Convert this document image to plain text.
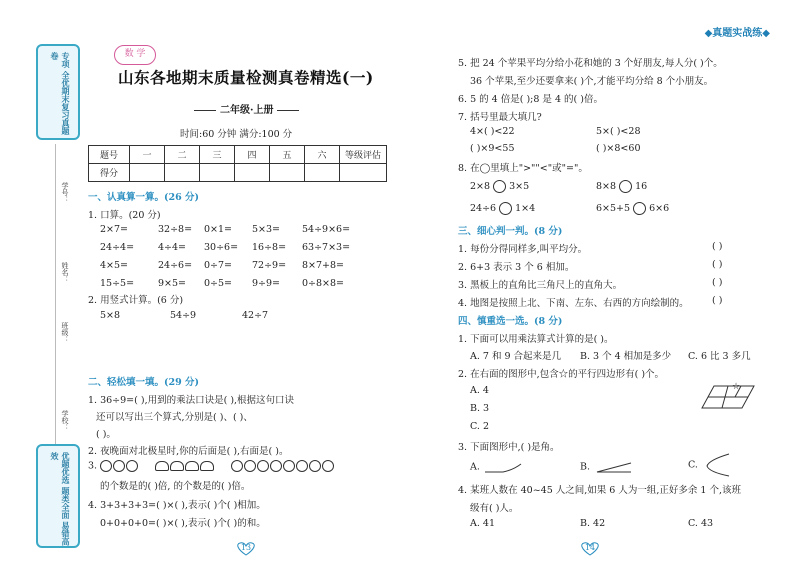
专项 全优期末复习真题卷
学号：
姓名：
班级：
学校：
优题优选 题类全面 易错高效
◆真题实战练◆
数 学
山东各地期末质量检测真卷精选(一)
二年级·上册
时间:60 分钟 满分:100 分
题号	一	二	三	四	五	六	等级评估
得分							
一、认真算一算。(26 分)
1. 口算。(20 分)
2×7=	32÷8= 0×1= 5×3= 54÷9×6=
24÷4=	4÷4= 30÷6= 16÷8= 63÷7×3=
4×5=	24÷6= 0÷7= 72÷9= 8×7+8=
15÷5=	9×5= 0÷5= 9÷9= 0÷8×8=
2. 用竖式计算。(6 分)
5×8	54÷9	42÷7
二、轻松填一填。(29 分)
1. 36÷9=( ),用到的乘法口诀是( ),根据这句口诀
还可以写出三个算式,分别是( )、( )、
( )。
2. 夜晚面对北极星时,你的后面是( ),右面是( )。
3.
的个数是的( )倍, 的个数是的( )倍。
4. 3+3+3+3=( )×( ),表示( )个( )相加。
0+0+0+0=( )×( ),表示( )个( )的和。
13	14
5. 把 24 个苹果平均分给小花和她的 3 个好朋友,每人分( )个。
36 个苹果,至少还要拿来( )个,才能平均分给 8 个小朋友。
6. 5 的 4 倍是( );8 是 4 的( )倍。
7. 括号里最大填几?
4×( )<22	5×( )<28
( )×9<55	( )×8<60
8. 在◯里填上">""<"或"="。
2×8 3×5	8×8 16
24÷6 1×4	6×5+5 6×6
三、细心判一判。(8 分)
1. 每份分得同样多,叫平均分。
2. 6+3 表示 3 个 6 相加。
3. 黑板上的直角比三角尺上的直角大。
4. 地图是按照上北、下南、左东、右西的方向绘制的。
( )
( )
( )
( )
四、慎重选一选。(8 分)
1. 下面可以用乘法算式计算的是( )。
A. 7 和 9 合起来是几 B. 3 个 4 相加是多少 C. 6 比 3 多几
2. 在右面的图形中,包含☆的平行四边形有( )个。
A. 4
B. 3
C. 2
☆
3. 下面图形中,( )是角。
A.	B.	C.
4. 某班人数在 40~45 人之间,如果 6 人为一组,正好多余 1 个,该班
级有( )人。
A. 41	B. 42	C. 43
